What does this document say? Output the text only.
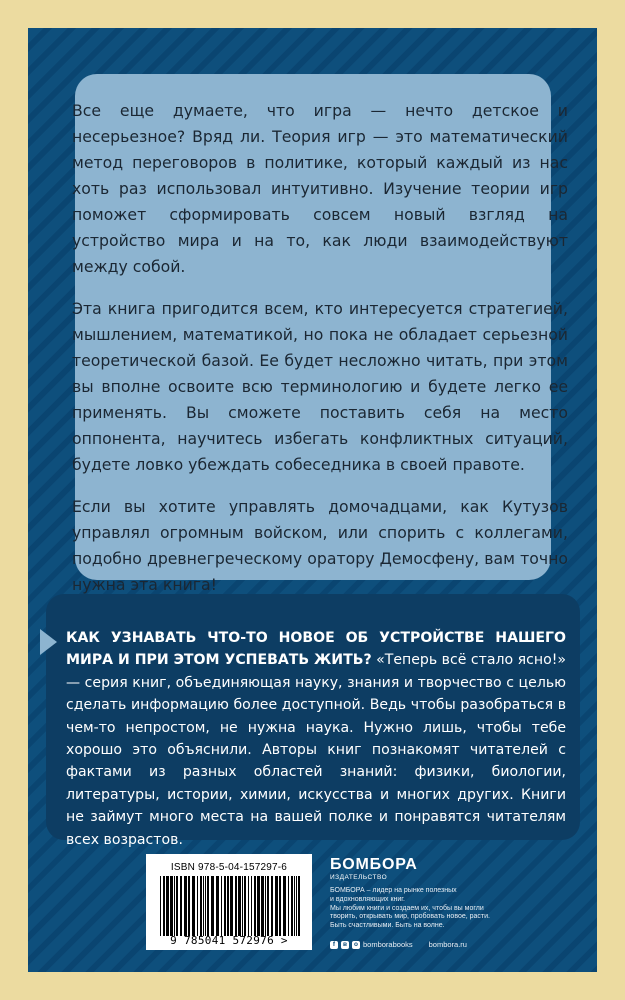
Все еще думаете, что игра — нечто детское и несерьезное? Вряд ли. Теория игр — это математический метод переговоров в политике, который каждый из нас хоть раз использовал интуитивно. Изучение теории игр поможет сформировать совсем новый взгляд на устройство мира и на то, как люди взаимодействуют между собой.

Эта книга пригодится всем, кто интересуется стратегией, мышлением, математикой, но пока не обладает серьезной теоретической базой. Ее будет несложно читать, при этом вы вполне освоите всю терминологию и будете легко ее применять. Вы сможете поставить себя на место оппонента, научитесь избегать конфликтных ситуаций, будете ловко убеждать собеседника в своей правоте.

Если вы хотите управлять домочадцами, как Кутузов управлял огромным войском, или спорить с коллегами, подобно древнегреческому оратору Демосфену, вам точно нужна эта книга!

КАК УЗНАВАТЬ ЧТО-ТО НОВОЕ ОБ УСТРОЙСТВЕ НАШЕГО МИРА И ПРИ ЭТОМ УСПЕВАТЬ ЖИТЬ? «Теперь всё стало ясно!» — серия книг, объединяющая науку, знания и творчество с целью сделать информацию более доступной. Ведь чтобы разобраться в чем-то непростом, не нужна наука. Нужно лишь, чтобы тебе хорошо это объяснили. Авторы книг познакомят читателей с фактами из разных областей знаний: физики, биологии, литературы, истории, химии, искусства и многих других. Книги не займут много места на вашей полке и понравятся читателям всех возрастов.

ISBN 978-5-04-157297-6
9 785041 572976 >
БОМБОРА
ИЗДАТЕЛЬСТВО

БОМБОРА – лидер на рынке полезных

и вдохновляющих книг.

Мы любим книги и создаем их, чтобы вы могли

творить, открывать мир, пробовать новое, расти.

Быть счастливыми. Быть на волне.

f	в	о bomborabooks bombora.ru
